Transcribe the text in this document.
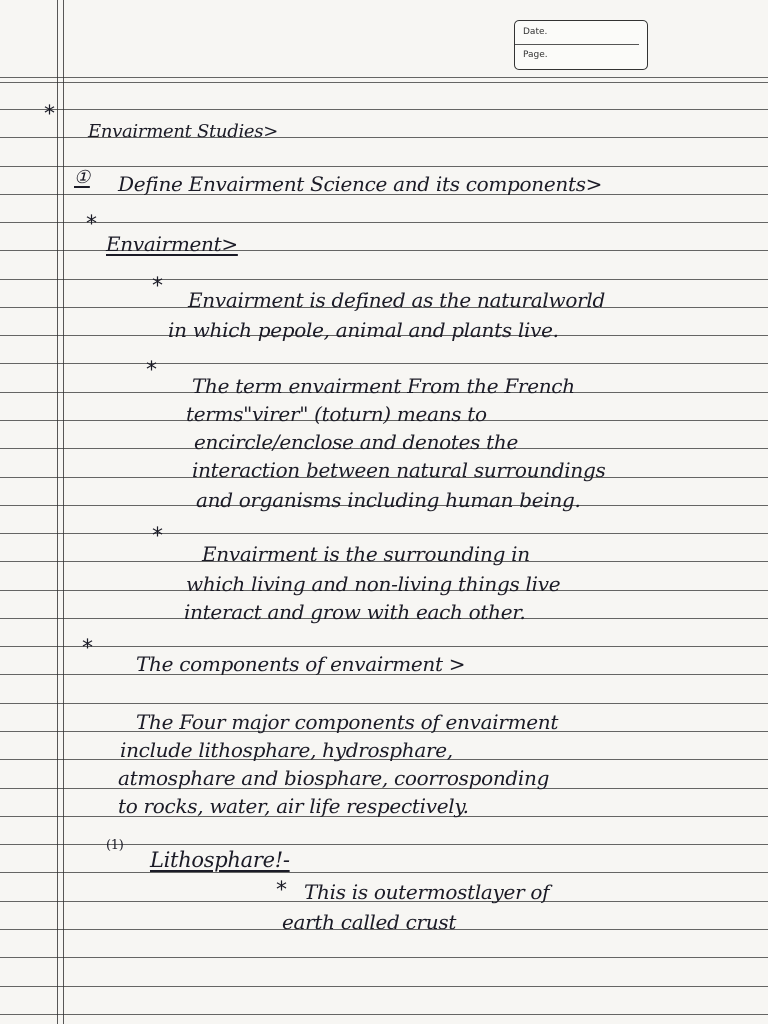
Date.
Page.
*
Envairment Studies>
① Define Envairment Science and its components>
*
Envairment>
*
Envairment is defined as the naturalworld
in which pepole, animal and plants live.
*
The term envairment From the French
terms"virer" (toturn) means to
encircle/enclose and denotes the
interaction between natural surroundings
and organisms including human being.
*
Envairment is the surrounding in
which living and non-living things live
interact and grow with each other.
*
The components of envairment >
The Four major components of envairment
include lithosphare, hydrosphare,
atmosphare and biosphare, coorrosponding
to rocks, water, air life respectively.
(1)
Lithosphare!-
* This is outermostlayer of
earth called crust
